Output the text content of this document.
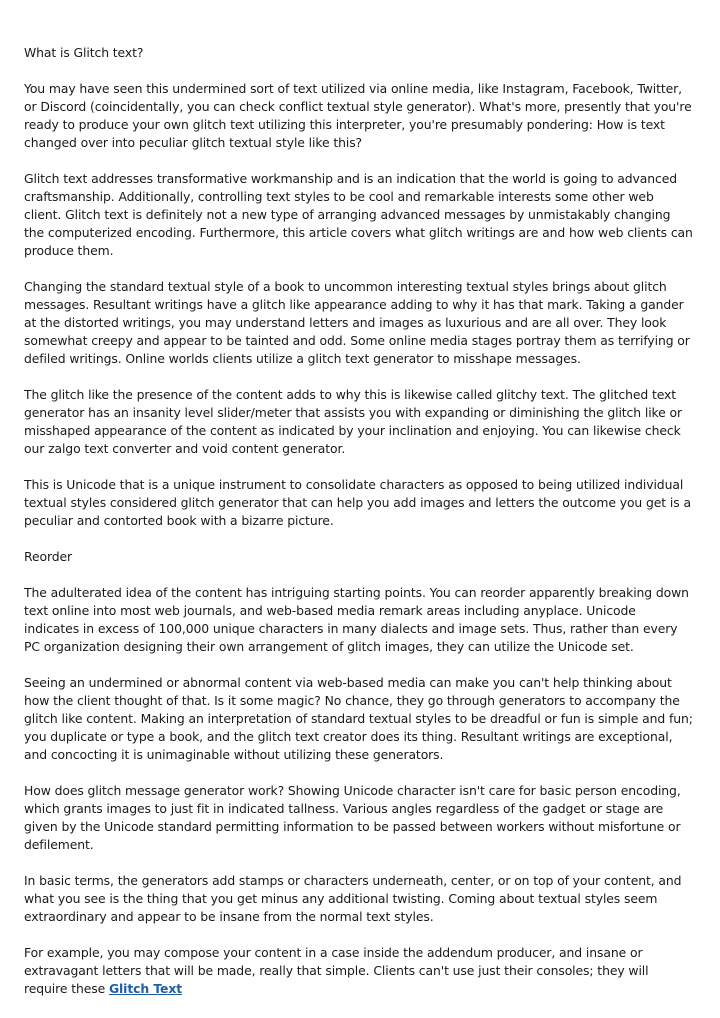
What is Glitch text?

You may have seen this undermined sort of text utilized via online media, like Instagram, Facebook, Twitter, or Discord (coincidentally, you can check conflict textual style generator). What's more, presently that you're ready to produce your own glitch text utilizing this interpreter, you're presumably pondering: How is text changed over into peculiar glitch textual style like this?

Glitch text addresses transformative workmanship and is an indication that the world is going to advanced craftsmanship. Additionally, controlling text styles to be cool and remarkable interests some other web client. Glitch text is definitely not a new type of arranging advanced messages by unmistakably changing the computerized encoding. Furthermore, this article covers what glitch writings are and how web clients can produce them.

Changing the standard textual style of a book to uncommon interesting textual styles brings about glitch messages. Resultant writings have a glitch like appearance adding to why it has that mark. Taking a gander at the distorted writings, you may understand letters and images as luxurious and are all over. They look somewhat creepy and appear to be tainted and odd. Some online media stages portray them as terrifying or defiled writings. Online worlds clients utilize a glitch text generator to misshape messages.

The glitch like the presence of the content adds to why this is likewise called glitchy text. The glitched text generator has an insanity level slider/meter that assists you with expanding or diminishing the glitch like or misshaped appearance of the content as indicated by your inclination and enjoying. You can likewise check our zalgo text converter and void content generator.

This is Unicode that is a unique instrument to consolidate characters as opposed to being utilized individual textual styles considered glitch generator that can help you add images and letters the outcome you get is a peculiar and contorted book with a bizarre picture.

Reorder

The adulterated idea of the content has intriguing starting points. You can reorder apparently breaking down text online into most web journals, and web-based media remark areas including anyplace. Unicode indicates in excess of 100,000 unique characters in many dialects and image sets. Thus, rather than every PC organization designing their own arrangement of glitch images, they can utilize the Unicode set.

Seeing an undermined or abnormal content via web-based media can make you can't help thinking about how the client thought of that. Is it some magic? No chance, they go through generators to accompany the glitch like content. Making an interpretation of standard textual styles to be dreadful or fun is simple and fun; you duplicate or type a book, and the glitch text creator does its thing. Resultant writings are exceptional, and concocting it is unimaginable without utilizing these generators.

How does glitch message generator work? Showing Unicode character isn't care for basic person encoding, which grants images to just fit in indicated tallness. Various angles regardless of the gadget or stage are given by the Unicode standard permitting information to be passed between workers without misfortune or defilement.

In basic terms, the generators add stamps or characters underneath, center, or on top of your content, and what you see is the thing that you get minus any additional twisting. Coming about textual styles seem extraordinary and appear to be insane from the normal text styles.

For example, you may compose your content in a case inside the addendum producer, and insane or extravagant letters that will be made, really that simple. Clients can't use just their consoles; they will require these Glitch Text
